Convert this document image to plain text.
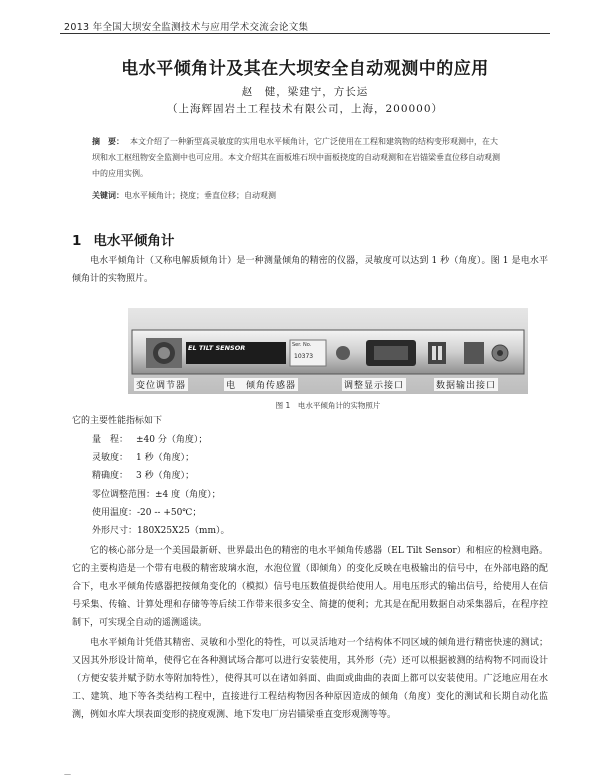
2013 年全国大坝安全监测技术与应用学术交流会论文集
电水平倾角计及其在大坝安全自动观测中的应用
赵　健，梁建宁，方长运
（上海辉固岩土工程技术有限公司，上海，200000）
摘　要： 本文介绍了一种新型高灵敏度的实用电水平倾角计，它广泛使用在工程和建筑物的结构变形观测中，在大坝和水工枢纽物安全监测中也可应用。本文介绍其在面板堆石坝中面板挠度的自动观测和在岩锚梁垂直位移自动观测中的应用实例。
关键词：电水平倾角计；挠度；垂直位移；自动观测
1 电水平倾角计
电水平倾角计（又称电解质倾角计）是一种测量倾角的精密的仪器，灵敏度可以达到 1 秒（角度）。图 1 是电水平倾角计的实物照片。
EL TILT SENSOR	Ser. No.
10373
变位调节器	电　倾角传感器	调整显示接口	数据输出接口
图 1　电水平倾角计的实物照片
它的主要性能指标如下
量　程： ±40 分（角度）；
灵敏度： 1 秒（角度）；
精确度： 3 秒（角度）；
零位调整范围：±4 度（角度）；
使用温度：-20 -- +50℃；
外形尺寸：180X25X25（mm）。
它的核心部分是一个美国最新研、世界最出色的精密的电水平倾角传感器（EL Tilt Sensor）和相应的检测电路。它的主要构造是一个带有电极的精密玻璃水泡，水泡位置（即倾角）的变化反映在电极输出的信号中，在外部电路的配合下，电水平倾角传感器把按倾角变化的（模拟）信号电压数值提供给使用人。用电压形式的输出信号，给使用人在信号采集、传输、计算处理和存储等等后续工作带来很多安全、简捷的便利；尤其是在配用数据自动采集器后，在程序控制下，可实现全自动的遥测遥读。
电水平倾角计凭借其精密、灵敏和小型化的特性，可以灵活地对一个结构体不同区域的倾角进行精密快速的测试；又因其外形设计简单，使得它在各种测试场合都可以进行安装使用，其外形（壳）还可以根据被测的结构物不同而设计（方便安装并赋予防水等附加特性），使得其可以在诸如斜面、曲面或曲曲的表面上都可以安装使用。广泛地应用在水工、建筑、地下等各类结构工程中，直接进行工程结构物因各种原因造成的倾角（角度）变化的测试和长期自动化监测，例如水库大坝表面变形的挠度观测、地下发电厂房岩锚梁垂直变形观测等等。
—
